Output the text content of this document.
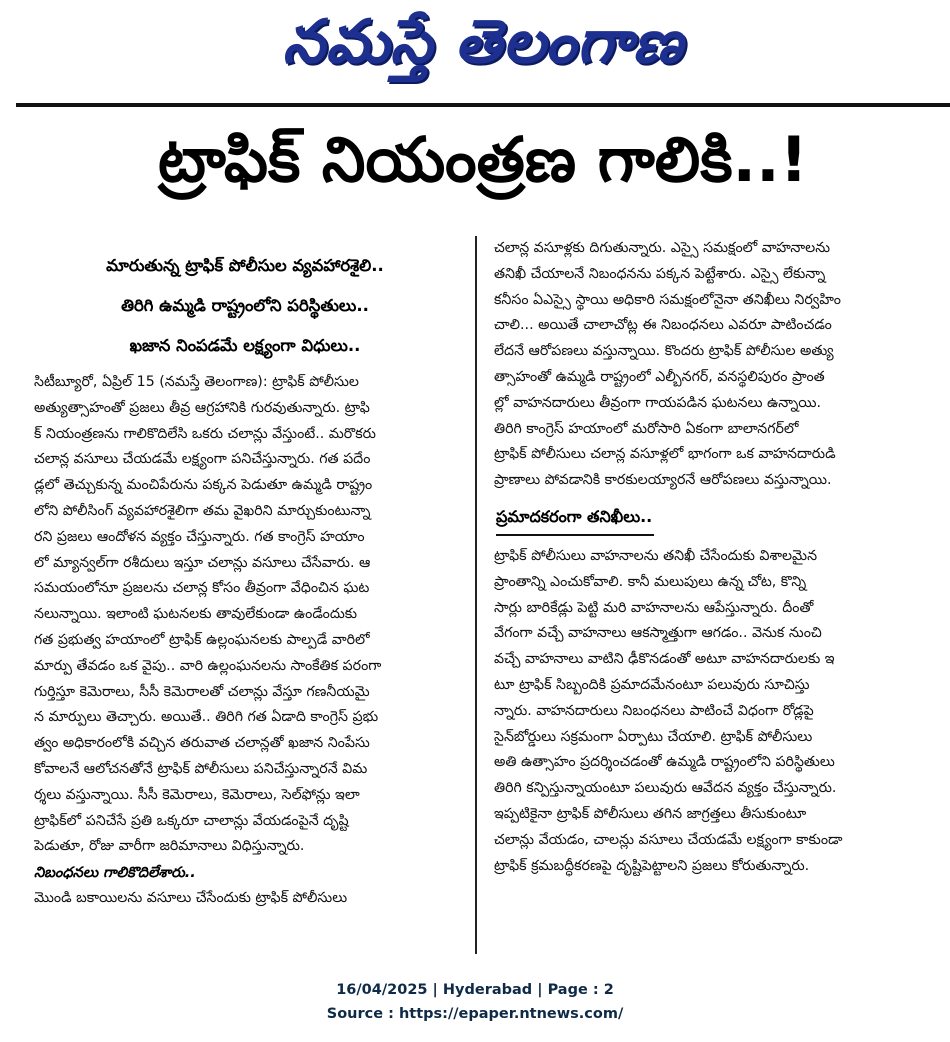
నమస్తే తెలంగాణ
ట్రాఫిక్ నియంత్రణ గాలికి..!
మారుతున్న ట్రాఫిక్ పోలీసుల వ్యవహారశైలి..
తిరిగి ఉమ్మడి రాష్ట్రంలోని పరిస్థితులు..
ఖజాన నింపడమే లక్ష్యంగా విధులు..
సిటీబ్యూరో, ఏప్రిల్ 15 (నమస్తే తెలంగాణ): ట్రాఫిక్ పోలీసుల
అత్యుత్సాహంతో ప్రజలు తీవ్ర ఆగ్రహానికి గురవుతున్నారు. ట్రాఫి
క్ నియంత్రణను గాలికొదిలేసి ఒకరు చలాన్లు వేస్తుంటే.. మరొకరు
చలాన్ల వసూలు చేయడమే లక్ష్యంగా పనిచేస్తున్నారు. గత పదేం
డ్లలో తెచ్చుకున్న మంచిపేరును పక్కన పెడుతూ ఉమ్మడి రాష్ట్రం
లోని పోలీసింగ్ వ్యవహారశైలిగా తమ వైఖరిని మార్చుకుంటున్నా
రని ప్రజలు ఆందోళన వ్యక్తం చేస్తున్నారు. గత కాంగ్రెస్ హయాం
లో మ్యాన్వల్‌గా రశీదులు ఇస్తూ చలాన్లు వసూలు చేసేవారు. ఆ
సమయంలోనూ ప్రజలను చలాన్ల కోసం తీవ్రంగా వేధించిన ఘట
నలున్నాయి. ఇలాంటి ఘటనలకు తావులేకుండా ఉండేందుకు
గత ప్రభుత్వ హయాంలో ట్రాఫిక్ ఉల్లంఘనలకు పాల్పడే వారిలో
మార్పు తేవడం ఒక వైపు.. వారి ఉల్లంఘనలను సాంకేతిక పరంగా
గుర్తిస్తూ కెమెరాలు, సీసీ కెమెరాలతో చలాన్లు వేస్తూ గణనీయమై
న మార్పులు తెచ్చారు. అయితే.. తిరిగి గత ఏడాది కాంగ్రెస్ ప్రభు
త్వం అధికారంలోకి వచ్చిన తరువాత చలాన్లతో ఖజాన నింపేసు
కోవాలనే ఆలోచనతోనే ట్రాఫిక్ పోలీసులు పనిచేస్తున్నారనే విమ
ర్శలు వస్తున్నాయి. సీసీ కెమెరాలు, కెమెరాలు, సెల్‌ఫోన్లు ఇలా
ట్రాఫిక్‌లో పనిచేసే ప్రతి ఒక్కరూ చాలాన్లు వేయడంపైనే దృష్టి
పెడుతూ, రోజు వారీగా జరిమానాలు విధిస్తున్నారు.
నిబంధనలు గాలికొదిలేశారు..
మొండి బకాయిలను వసూలు చేసేందుకు ట్రాఫిక్ పోలీసులు
చలాన్ల వసూళ్లకు దిగుతున్నారు. ఎస్సై సమక్షంలో వాహనాలను
తనిఖీ చేయాలనే నిబంధనను పక్కన పెట్టేశారు. ఎస్సై లేకున్నా
కనీసం ఏఎస్సై స్థాయి అధికారి సమక్షంలోనైనా తనిఖీలు నిర్వహిం
చాలి... అయితే చాలాచోట్ల ఈ నిబంధనలు ఎవరూ పాటించడం
లేదనే ఆరోపణలు వస్తున్నాయి. కొందరు ట్రాఫిక్ పోలీసుల అత్యు
త్సాహంతో ఉమ్మడి రాష్ట్రంలో ఎల్బీనగర్, వనస్థలిపురం ప్రాంత
ల్లో వాహనదారులు తీవ్రంగా గాయపడిన ఘటనలు ఉన్నాయి.
తిరిగి కాంగ్రెస్ హయాంలో మరోసారి ఏకంగా బాలానగర్‌లో
ట్రాఫిక్ పోలీసులు చలాన్ల వసూళ్లలో భాగంగా ఒక వాహనదారుడి
ప్రాణాలు పోవడానికి కారకులయ్యారనే ఆరోపణలు వస్తున్నాయి.
ప్రమాదకరంగా తనిఖీలు..
ట్రాఫిక్ పోలీసులు వాహనాలను తనిఖీ చేసేందుకు విశాలమైన
ప్రాంతాన్ని ఎంచుకోవాలి. కానీ మలుపులు ఉన్న చోట, కొన్ని
సార్లు బారికేడ్లు పెట్టి మరి వాహనాలను ఆపేస్తున్నారు. దీంతో
వేగంగా వచ్చే వాహనాలు ఆకస్మాత్తుగా ఆగడం.. వెనుక నుంచి
వచ్చే వాహనాలు వాటిని ఢీకొనడంతో అటూ వాహనదారులకు ఇ
టూ ట్రాఫిక్ సిబ్బందికి ప్రమాదమేనంటూ పలువురు సూచిస్తు
న్నారు. వాహనదారులు నిబంధనలు పాటించే విధంగా రోడ్లపై
సైన్‌బోర్డులు సక్రమంగా ఏర్పాటు చేయాలి. ట్రాఫిక్ పోలీసులు
అతి ఉత్సాహం ప్రదర్శించడంతో ఉమ్మడి రాష్ట్రంలోని పరిస్థితులు
తిరిగి కన్పిస్తున్నాయంటూ పలువురు ఆవేదన వ్యక్తం చేస్తున్నారు.
ఇప్పటికైనా ట్రాఫిక్ పోలీసులు తగిన జాగ్రత్తలు తీసుకుంటూ
చలాన్లు వేయడం, చాలన్లు వసూలు చేయడమే లక్ష్యంగా కాకుండా
ట్రాఫిక్ క్రమబద్ధీకరణపై దృష్టిపెట్టాలని ప్రజలు కోరుతున్నారు.
16/04/2025 | Hyderabad | Page : 2
Source : https://epaper.ntnews.com/
